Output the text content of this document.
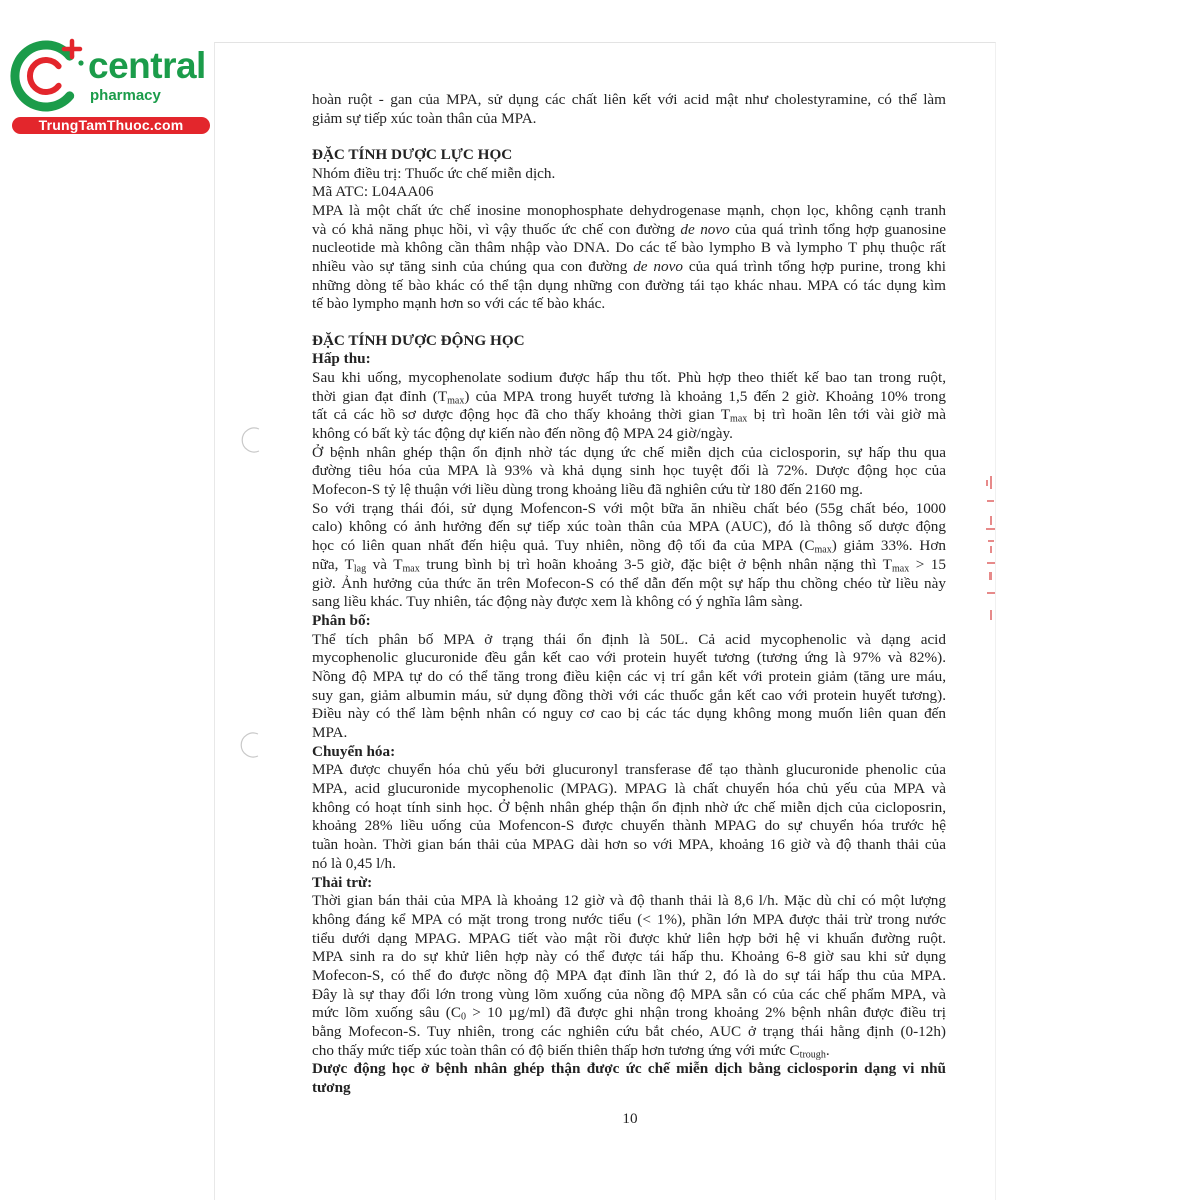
central
pharmacy
TrungTamThuoc.com
hoàn ruột - gan của MPA, sử dụng các chất liên kết với acid mật như cholestyramine, có thể làm
giảm sự tiếp xúc toàn thân của MPA.
ĐẶC TÍNH DƯỢC LỰC HỌC
Nhóm điều trị: Thuốc ức chế miễn dịch.
Mã ATC: L04AA06
MPA là một chất ức chế inosine monophosphate dehydrogenase mạnh, chọn lọc, không cạnh tranh
và có khả năng phục hồi, vì vậy thuốc ức chế con đường de novo của quá trình tổng hợp guanosine
nucleotide mà không cần thâm nhập vào DNA. Do các tế bào lympho B và lympho T phụ thuộc rất
nhiều vào sự tăng sinh của chúng qua con đường de novo của quá trình tổng hợp purine, trong khi
những dòng tế bào khác có thể tận dụng những con đường tái tạo khác nhau. MPA có tác dụng kìm
tế bào lympho mạnh hơn so với các tế bào khác.
ĐẶC TÍNH DƯỢC ĐỘNG HỌC
Hấp thu:
Sau khi uống, mycophenolate sodium được hấp thu tốt. Phù hợp theo thiết kế bao tan trong ruột,
thời gian đạt đỉnh $(T_{max})$ của MPA trong huyết tương là khoảng 1,5 đến 2 giờ. Khoảng 10% trong
tất cả các hồ sơ dược động học đã cho thấy khoảng thời gian $T_{max}$ bị trì hoãn lên tới vài giờ mà
không có bất kỳ tác động dự kiến nào đến nồng độ MPA 24 giờ/ngày.
Ở bệnh nhân ghép thận ổn định nhờ tác dụng ức chế miễn dịch của ciclosporin, sự hấp thu qua
đường tiêu hóa của MPA là 93% và khả dụng sinh học tuyệt đối là 72%. Dược động học của
Mofecon-S tỷ lệ thuận với liều dùng trong khoảng liều đã nghiên cứu từ 180 đến 2160 mg.
So với trạng thái đói, sử dụng Mofencon-S với một bữa ăn nhiều chất béo (55g chất béo, 1000
calo) không có ảnh hưởng đến sự tiếp xúc toàn thân của MPA (AUC), đó là thông số dược động
học có liên quan nhất đến hiệu quả. Tuy nhiên, nồng độ tối đa của MPA $(C_{max})$ giảm 33%. Hơn
nữa, $T_{lag}$ và $T_{max}$ trung bình bị trì hoãn khoảng 3-5 giờ, đặc biệt ở bệnh nhân nặng thì $T_{max} > 15$
giờ. Ảnh hưởng của thức ăn trên Mofecon-S có thể dẫn đến một sự hấp thu chồng chéo từ liều này
sang liều khác. Tuy nhiên, tác động này được xem là không có ý nghĩa lâm sàng.
Phân bố:
Thể tích phân bố MPA ở trạng thái ổn định là 50L. Cả acid mycophenolic và dạng acid
mycophenolic glucuronide đều gắn kết cao với protein huyết tương (tương ứng là 97% và 82%).
Nồng độ MPA tự do có thể tăng trong điều kiện các vị trí gắn kết với protein giảm (tăng ure máu,
suy gan, giảm albumin máu, sử dụng đồng thời với các thuốc gắn kết cao với protein huyết tương).
Điều này có thể làm bệnh nhân có nguy cơ cao bị các tác dụng không mong muốn liên quan đến
MPA.
Chuyển hóa:
MPA được chuyển hóa chủ yếu bởi glucuronyl transferase để tạo thành glucuronide phenolic của
MPA, acid glucuronide mycophenolic (MPAG). MPAG là chất chuyển hóa chủ yếu của MPA và
không có hoạt tính sinh học. Ở bệnh nhân ghép thận ổn định nhờ ức chế miễn dịch của cicloposrin,
khoảng 28% liều uống của Mofencon-S được chuyển thành MPAG do sự chuyển hóa trước hệ
tuần hoàn. Thời gian bán thải của MPAG dài hơn so với MPA, khoảng 16 giờ và độ thanh thải của
nó là 0,45 l/h.
Thải trừ:
Thời gian bán thải của MPA là khoảng 12 giờ và độ thanh thải là 8,6 l/h. Mặc dù chỉ có một lượng
không đáng kể MPA có mặt trong trong nước tiểu (< 1%), phần lớn MPA được thải trừ trong nước
tiểu dưới dạng MPAG. MPAG tiết vào mật rồi được khử liên hợp bởi hệ vi khuẩn đường ruột.
MPA sinh ra do sự khử liên hợp này có thể được tái hấp thu. Khoảng 6-8 giờ sau khi sử dụng
Mofecon-S, có thể đo được nồng độ MPA đạt đỉnh lần thứ 2, đó là do sự tái hấp thu của MPA.
Đây là sự thay đổi lớn trong vùng lõm xuống của nồng độ MPA sẵn có của các chế phẩm MPA, và
mức lõm xuống sâu ($C_0 > 10$ µg/ml) đã được ghi nhận trong khoảng 2% bệnh nhân được điều trị
bằng Mofecon-S. Tuy nhiên, trong các nghiên cứu bắt chéo, AUC ở trạng thái hằng định (0-12h)
cho thấy mức tiếp xúc toàn thân có độ biến thiên thấp hơn tương ứng với mức $C_{trough}$.
Dược động học ở bệnh nhân ghép thận được ức chế miễn dịch bằng ciclosporin dạng vi nhũ
tương
10
